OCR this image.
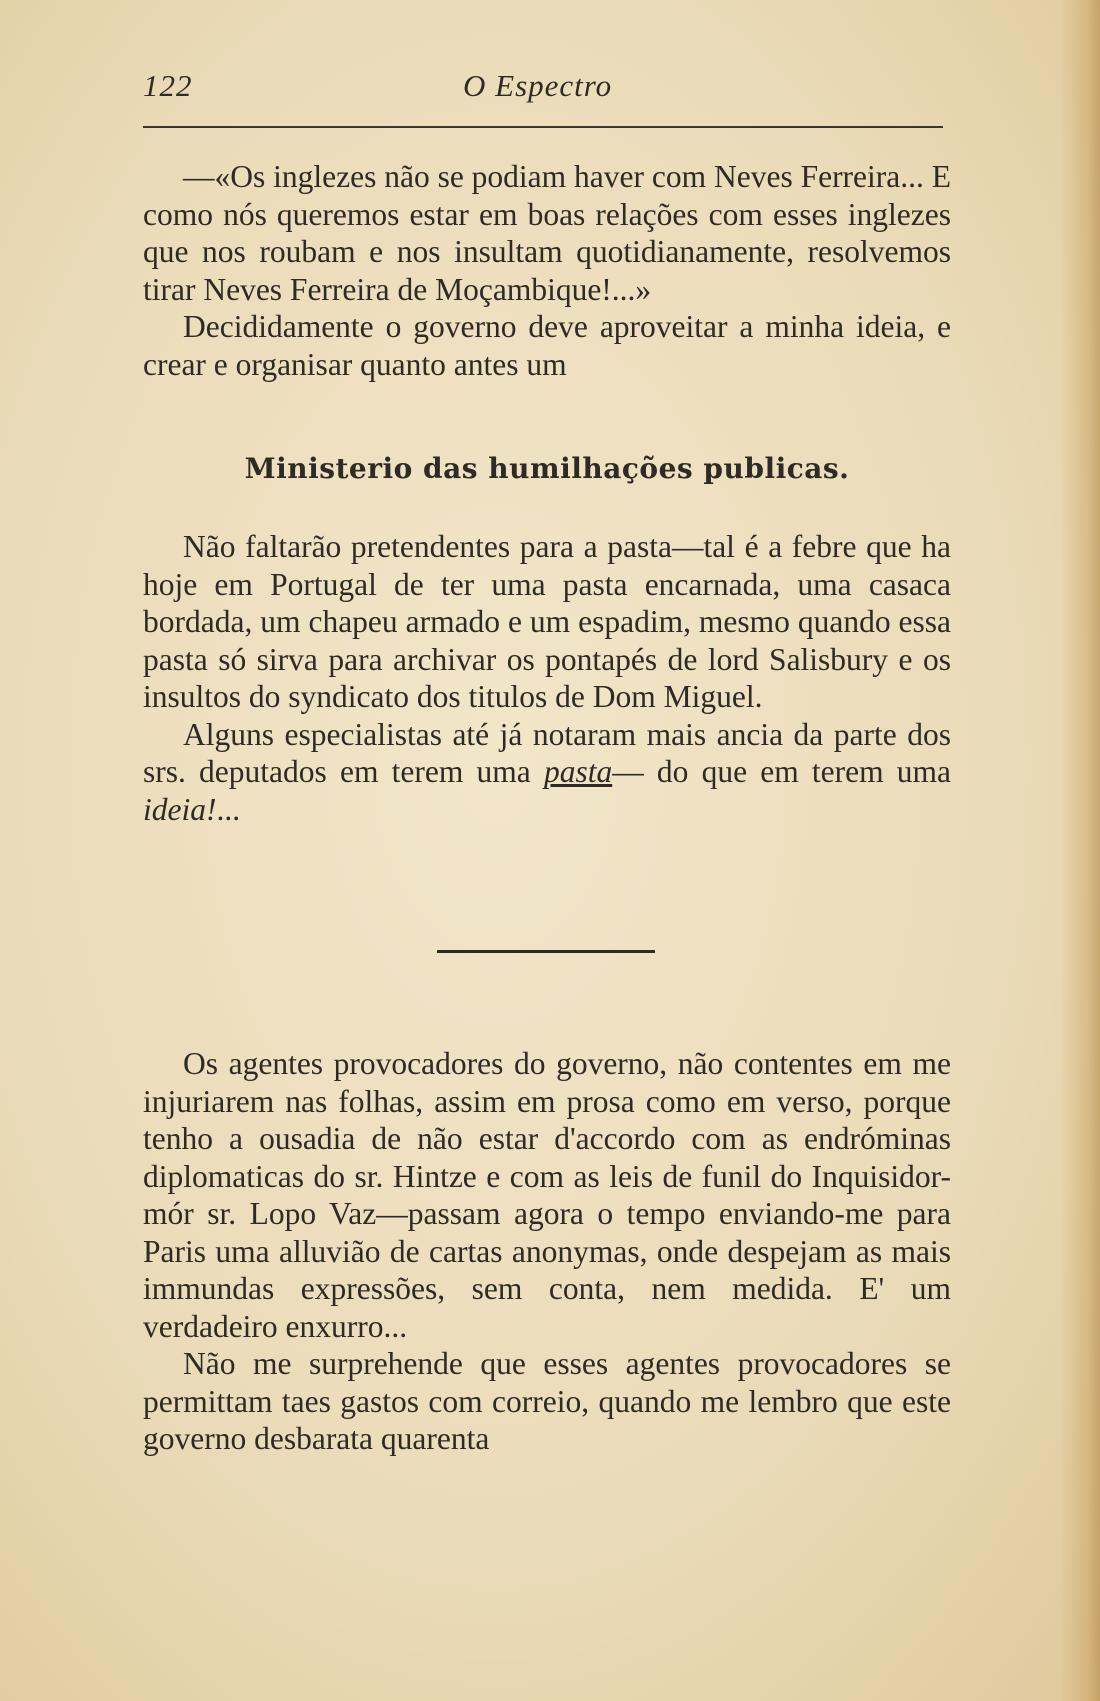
122	O Espectro

—«Os inglezes não se podiam haver com Neves Ferreira... E como nós queremos estar em boas relações com esses inglezes que nos roubam e nos insultam quotidianamente, resolvemos tirar Neves Ferreira de Moçambique!...»

Decididamente o governo deve aproveitar a minha ideia, e crear e organisar quanto antes um

Ministerio das humilhações publicas.

Não faltarão pretendentes para a pasta—tal é a febre que ha hoje em Portugal de ter uma pasta encarnada, uma casaca bordada, um chapeu armado e um espadim, mesmo quando essa pasta só sirva para archivar os pontapés de lord Salisbury e os insultos do syndicato dos titulos de Dom Miguel.

Alguns especialistas até já notaram mais ancia da parte dos srs. deputados em terem uma pasta— do que em terem uma ideia!...

Os agentes provocadores do governo, não contentes em me injuriarem nas folhas, assim em prosa como em verso, porque tenho a ousadia de não estar d'accordo com as endróminas diplomaticas do sr. Hintze e com as leis de funil do Inquisidor-mór sr. Lopo Vaz—passam agora o tempo enviando-me para Paris uma alluvião de cartas anonymas, onde despejam as mais immundas expressões, sem conta, nem medida. E' um verdadeiro enxurro...

Não me surprehende que esses agentes provocadores se permittam taes gastos com correio, quando me lembro que este governo desbarata quarenta
